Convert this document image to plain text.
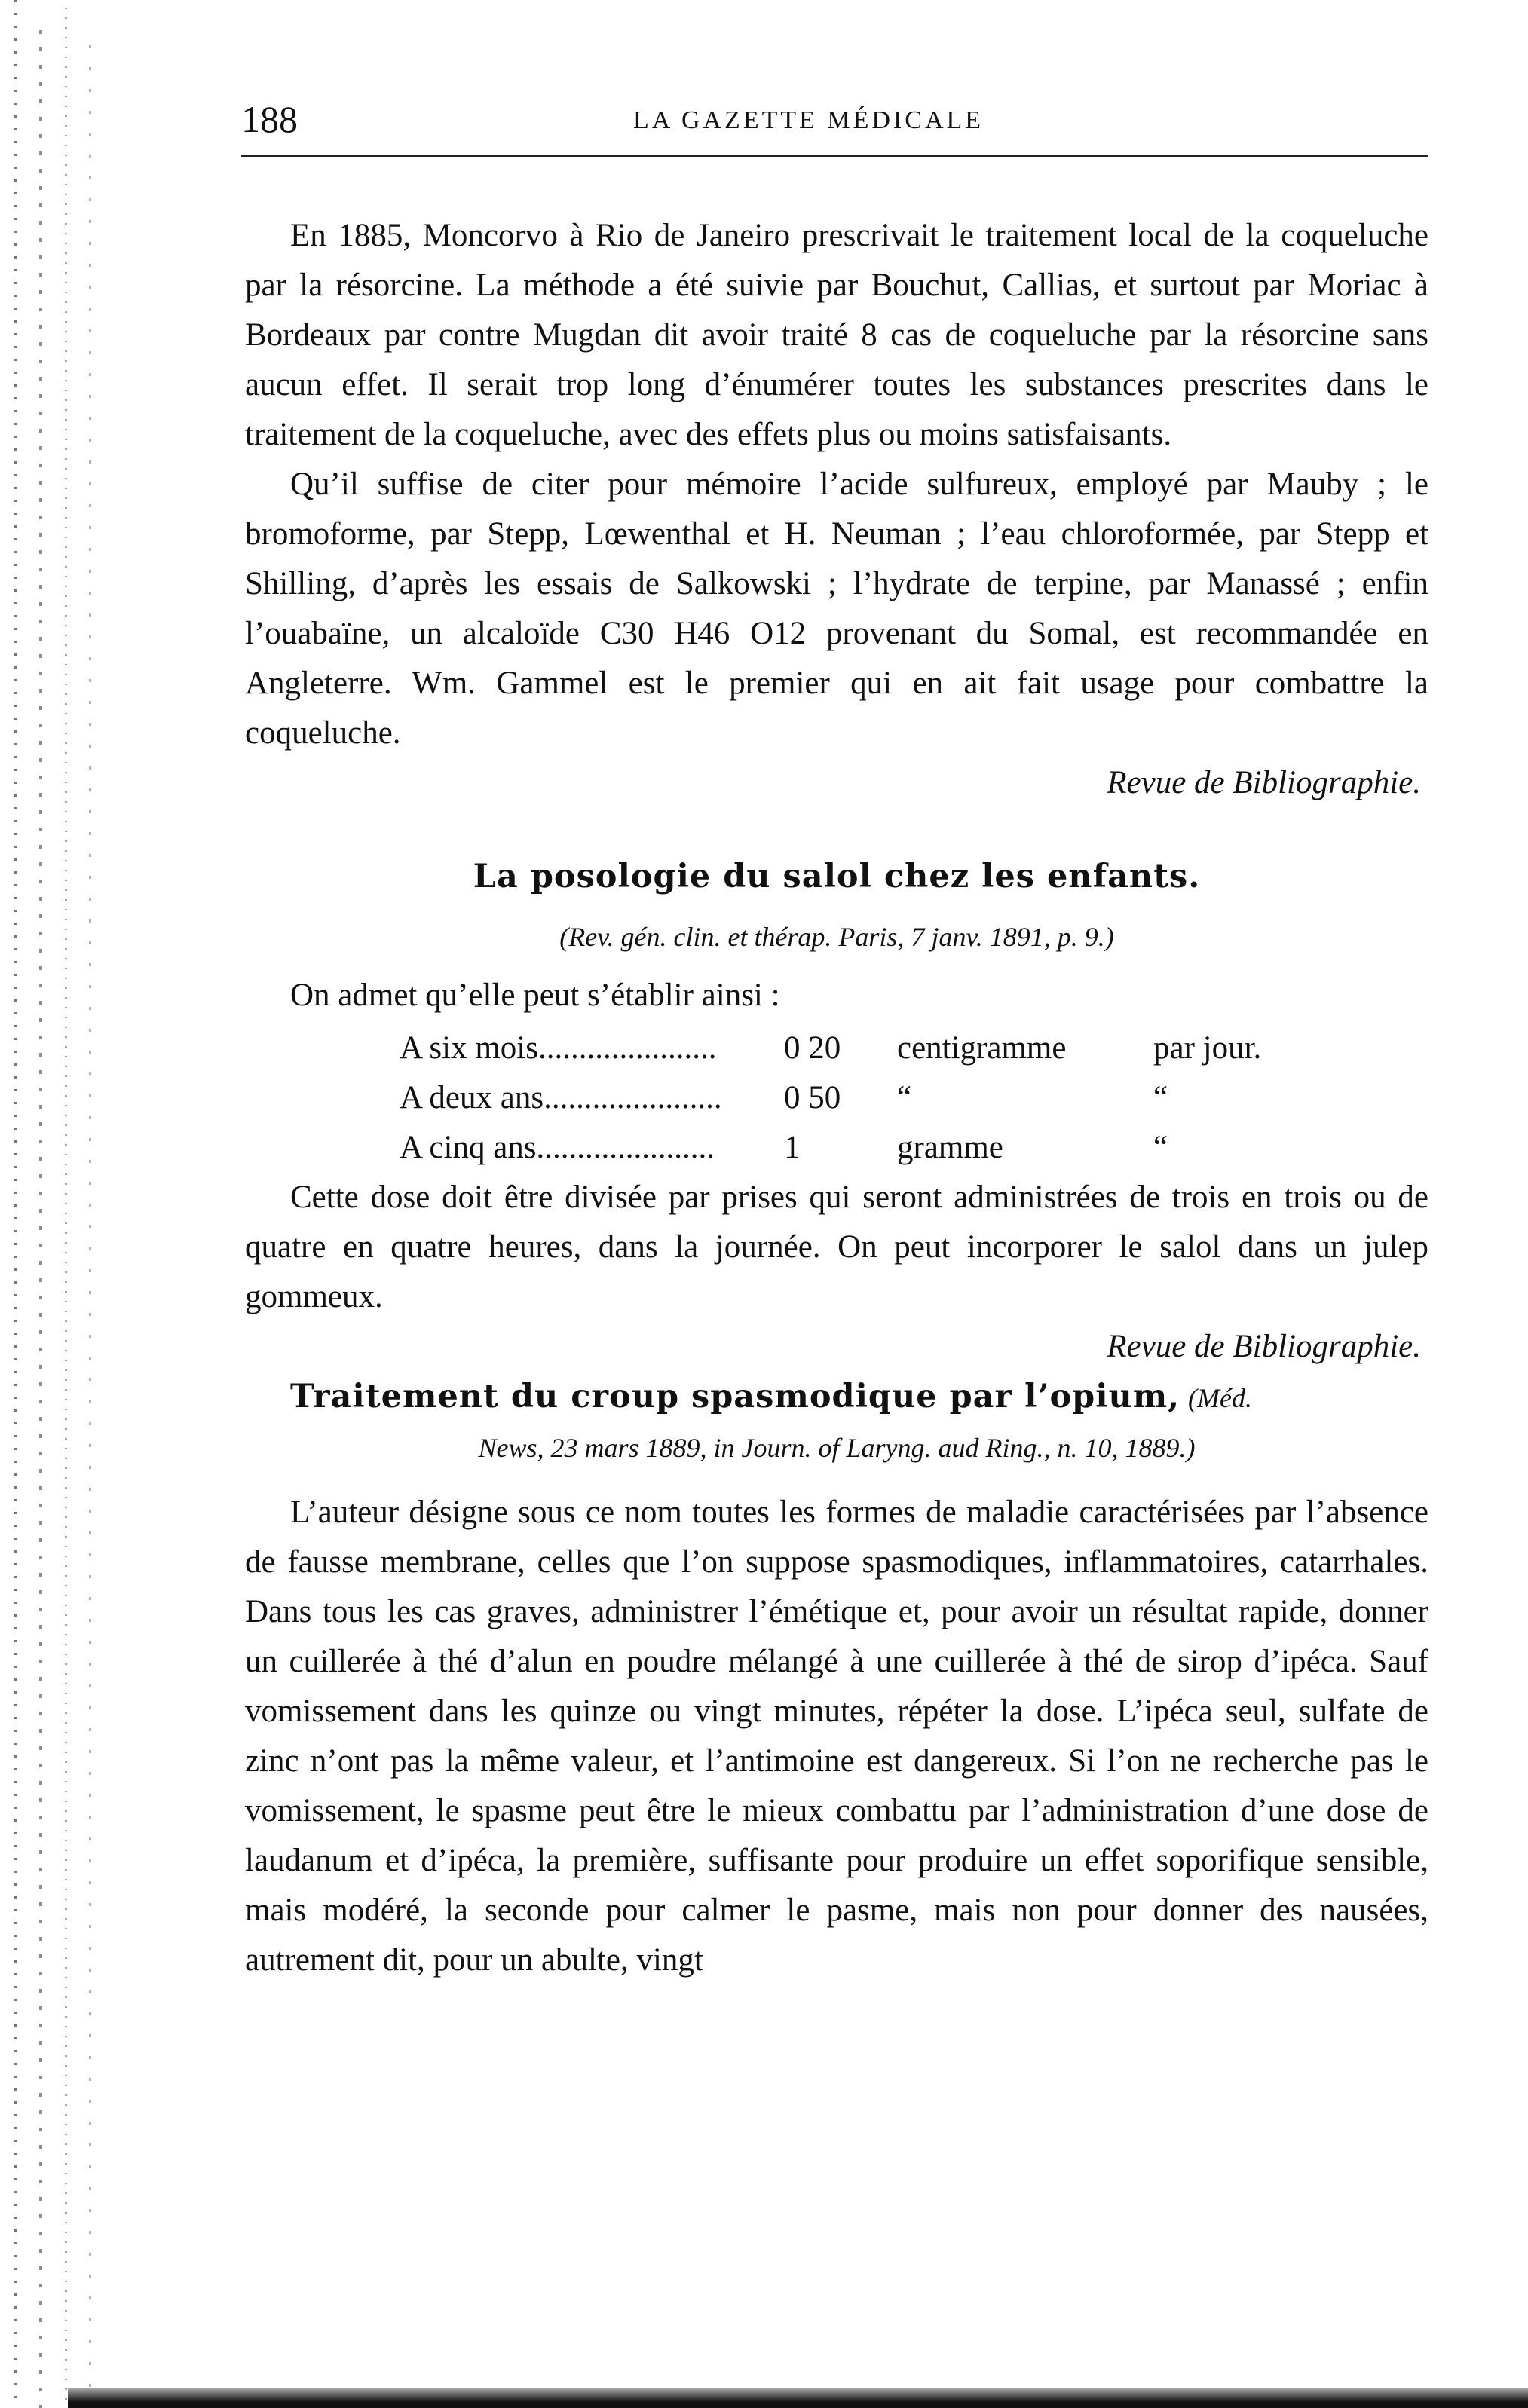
188	LA GAZETTE MÉDICALE

En 1885, Moncorvo à Rio de Janeiro prescrivait le traitement local de la coqueluche par la résorcine. La méthode a été suivie par Bouchut, Callias, et surtout par Moriac à Bordeaux par contre Mugdan dit avoir traité 8 cas de coqueluche par la résorcine sans aucun effet. Il serait trop long d’énumérer toutes les substances prescrites dans le traitement de la coqueluche, avec des effets plus ou moins satisfaisants.

Qu’il suffise de citer pour mémoire l’acide sulfureux, employé par Mauby ; le bromoforme, par Stepp, Lœwenthal et H. Neuman ; l’eau chloroformée, par Stepp et Shilling, d’après les essais de Salkowski ; l’hydrate de terpine, par Manassé ; enfin l’ouabaïne, un alcaloïde C30 H46 O12 provenant du Somal, est recommandée en Angleterre. Wm. Gammel est le premier qui en ait fait usage pour combattre la coqueluche.

Revue de Bibliographie.
La posologie du salol chez les enfants.
(Rev. gén. clin. et thérap. Paris, 7 janv. 1891, p. 9.)

On admet qu’elle peut s’établir ainsi :

A six mois......................	0 20	centigramme	par jour.
A deux ans......................	0 50	“	“
A cinq ans......................	1	gramme	“

Cette dose doit être divisée par prises qui seront administrées de trois en trois ou de quatre en quatre heures, dans la journée. On peut incorporer le salol dans un julep gommeux.

Revue de Bibliographie.

Traitement du croup spasmodique par l’opium, (Méd.

News, 23 mars 1889, in Journ. of Laryng. aud Ring., n. 10, 1889.)

L’auteur désigne sous ce nom toutes les formes de maladie caractérisées par l’absence de fausse membrane, celles que l’on suppose spasmodiques, inflammatoires, catarrhales. Dans tous les cas graves, administrer l’émétique et, pour avoir un résultat rapide, donner un cuillerée à thé d’alun en poudre mélangé à une cuillerée à thé de sirop d’ipéca. Sauf vomissement dans les quinze ou vingt minutes, répéter la dose. L’ipéca seul, sulfate de zinc n’ont pas la même valeur, et l’antimoine est dangereux. Si l’on ne recherche pas le vomissement, le spasme peut être le mieux combattu par l’administration d’une dose de laudanum et d’ipéca, la première, suffisante pour produire un effet soporifique sensible, mais modéré, la seconde pour calmer le pasme, mais non pour donner des nausées, autrement dit, pour un abulte, vingt
